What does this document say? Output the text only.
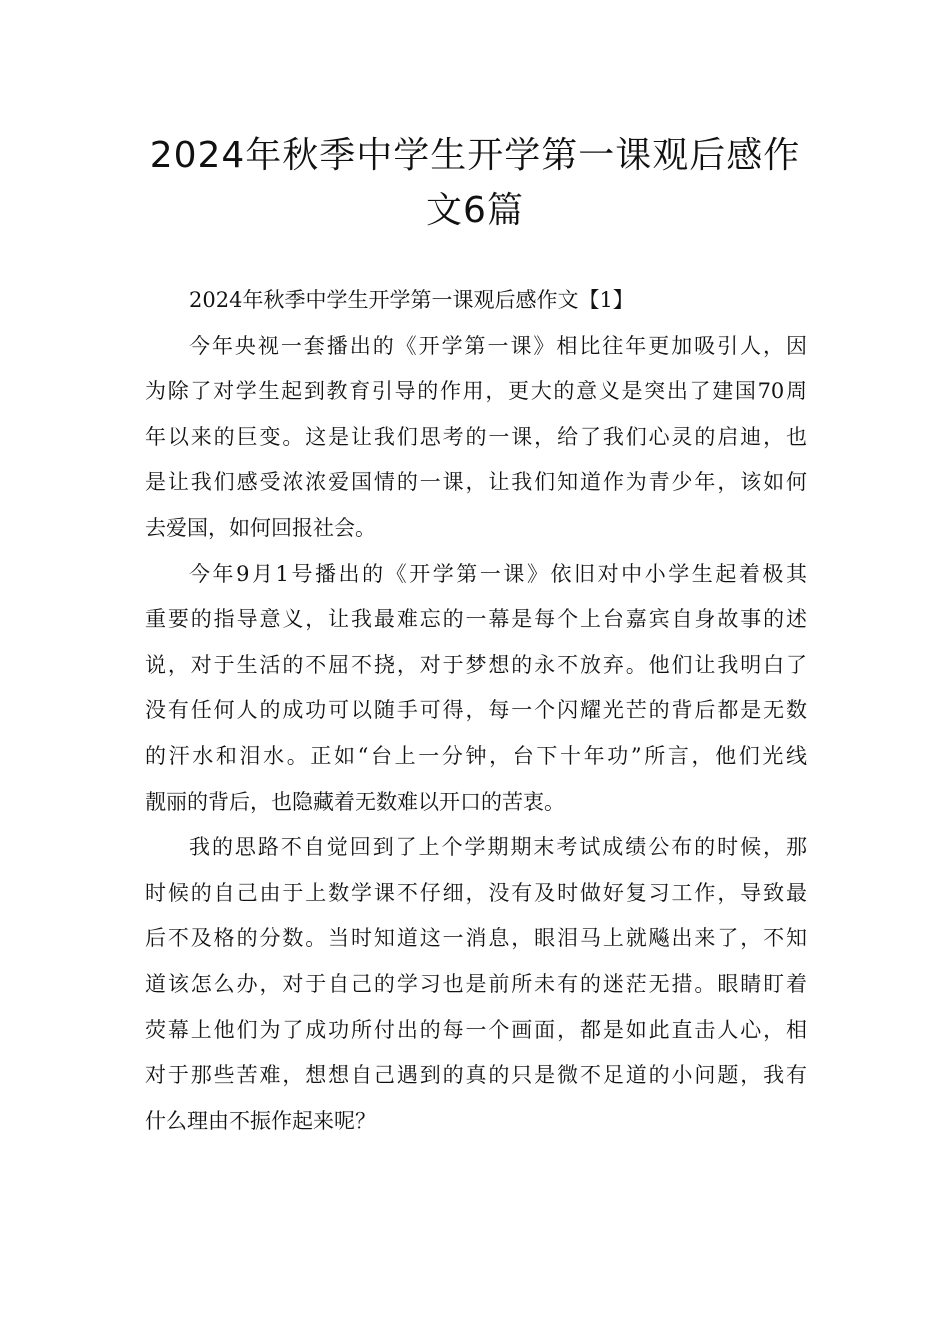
2024年秋季中学生开学第一课观后感作
文6篇
2024年秋季中学生开学第一课观后感作文【1】
今年央视一套播出的《开学第一课》相比往年更加吸引人，因
为除了对学生起到教育引导的作用，更大的意义是突出了建国70周
年以来的巨变。这是让我们思考的一课，给了我们心灵的启迪，也
是让我们感受浓浓爱国情的一课，让我们知道作为青少年，该如何
去爱国，如何回报社会。
今年9月1号播出的《开学第一课》依旧对中小学生起着极其
重要的指导意义，让我最难忘的一幕是每个上台嘉宾自身故事的述
说，对于生活的不屈不挠，对于梦想的永不放弃。他们让我明白了
没有任何人的成功可以随手可得，每一个闪耀光芒的背后都是无数
的汗水和泪水。正如“台上一分钟，台下十年功”所言，他们光线
靓丽的背后，也隐藏着无数难以开口的苦衷。
我的思路不自觉回到了上个学期期末考试成绩公布的时候，那
时候的自己由于上数学课不仔细，没有及时做好复习工作，导致最
后不及格的分数。当时知道这一消息，眼泪马上就飚出来了，不知
道该怎么办，对于自己的学习也是前所未有的迷茫无措。眼睛盯着
荧幕上他们为了成功所付出的每一个画面，都是如此直击人心，相
对于那些苦难，想想自己遇到的真的只是微不足道的小问题，我有
什么理由不振作起来呢？
